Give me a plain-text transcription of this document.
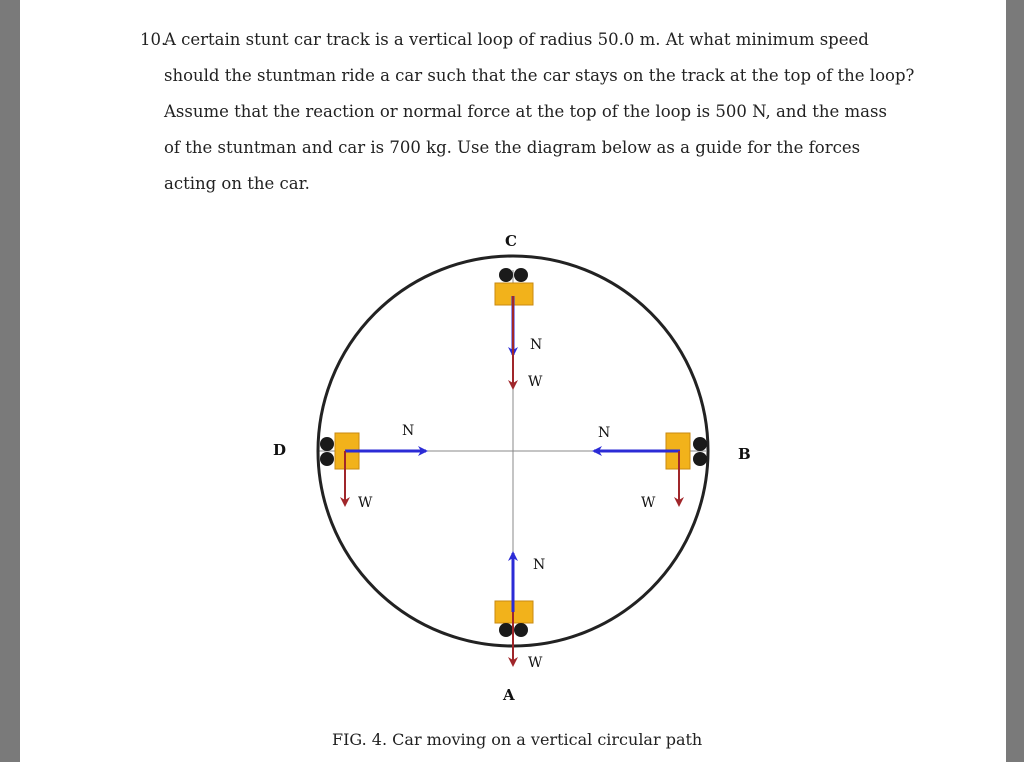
10.A certain stunt car track is a vertical loop of radius 50.0 m. At what minimum speed
should the stuntman ride a car such that the car stays on the track at the top of the loop?
Assume that the reaction or normal force at the top of the loop is 500 N, and the mass
of the stuntman and car is 700 kg. Use the diagram below as a guide for the forces
acting on the car.
C
B
A
D
N
W
N
W
N
W
N
W
FIG. 4. Car moving on a vertical circular path
